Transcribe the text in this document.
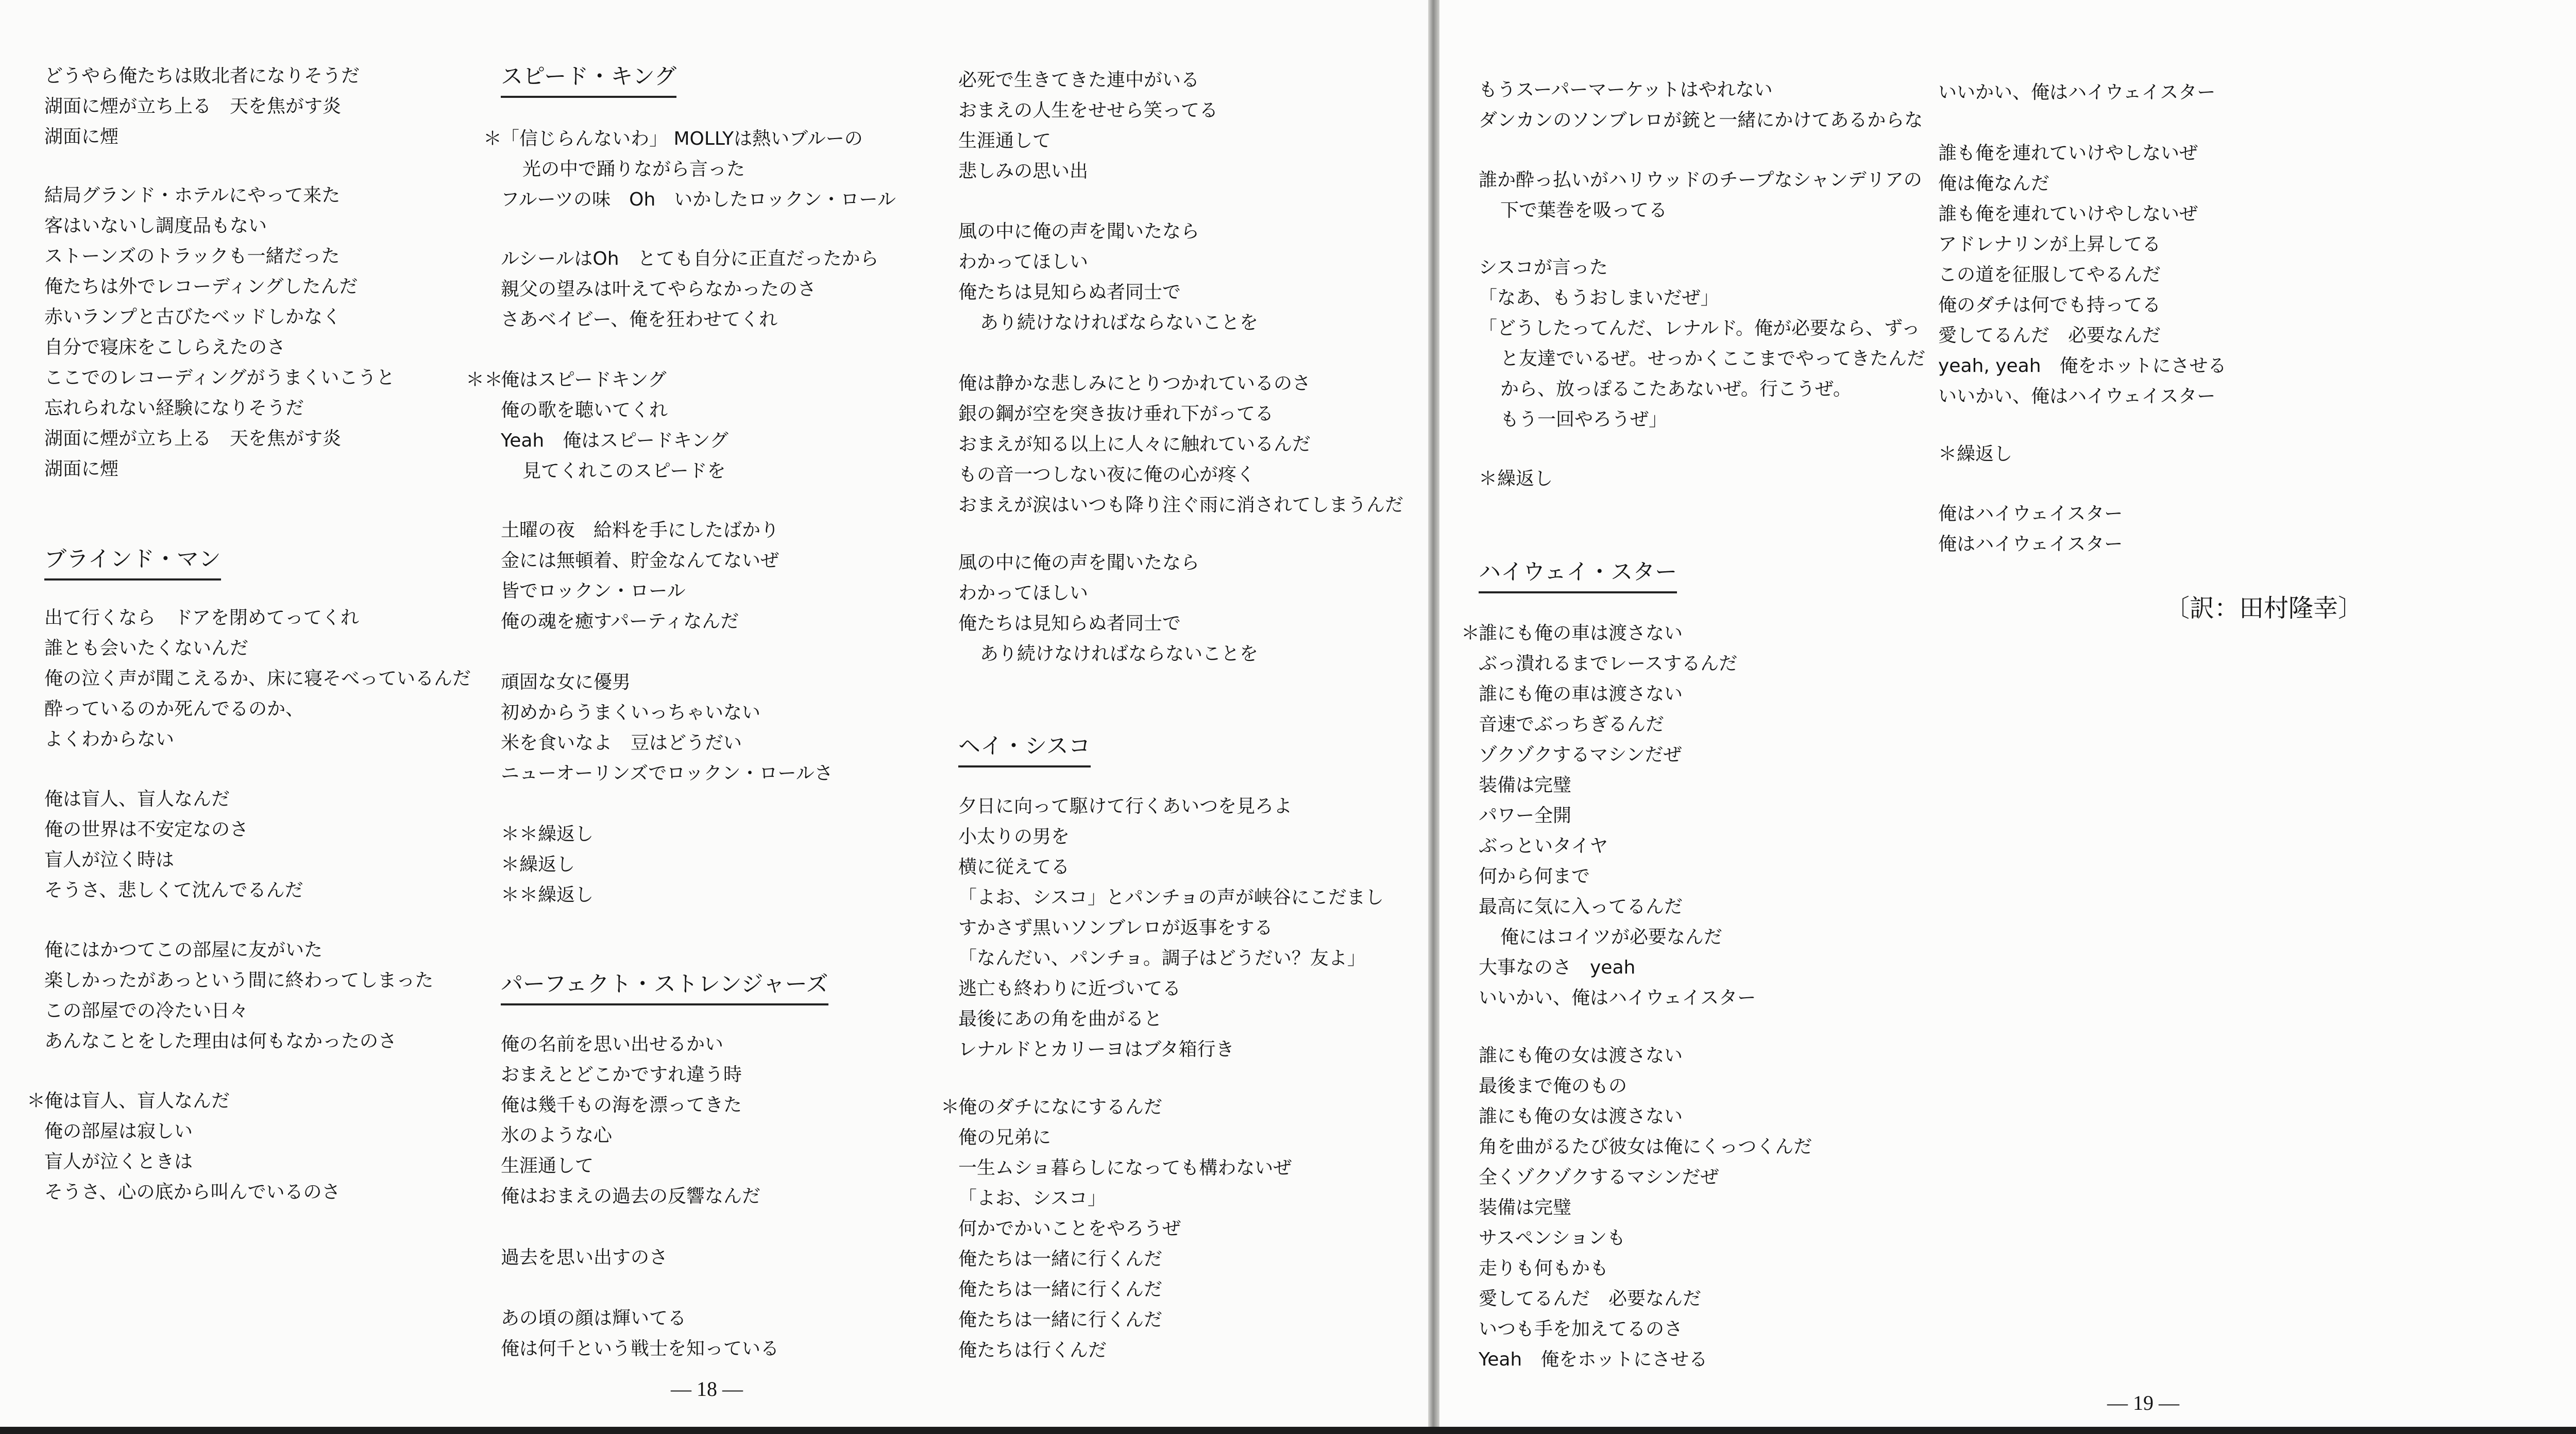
どうやら俺たちは敗北者になりそうだ
湖面に煙が立ち上る　天を焦がす炎
湖面に煙
結局グランド・ホテルにやって来た
客はいないし調度品もない
ストーンズのトラックも一緒だった
俺たちは外でレコーディングしたんだ
赤いランプと古びたベッドしかなく
自分で寝床をこしらえたのさ
ここでのレコーディングがうまくいこうと
忘れられない経験になりそうだ
湖面に煙が立ち上る　天を焦がす炎
湖面に煙
ブラインド・マン
出て行くなら　ドアを閉めてってくれ
誰とも会いたくないんだ
俺の泣く声が聞こえるか、床に寝そべっているんだ
酔っているのか死んでるのか、
よくわからない
俺は盲人、盲人なんだ
俺の世界は不安定なのさ
盲人が泣く時は
そうさ、悲しくて沈んでるんだ
俺にはかつてこの部屋に友がいた
楽しかったがあっという間に終わってしまった
この部屋での冷たい日々
あんなことをした理由は何もなかったのさ
＊俺は盲人、盲人なんだ
俺の部屋は寂しい
盲人が泣くときは
そうさ、心の底から叫んでいるのさ
スピード・キング
＊「信じらんないわ」 MOLLYは熱いブルーの
光の中で踊りながら言った
フルーツの味　Oh　いかしたロックン・ロール
ルシールはOh　とても自分に正直だったから
親父の望みは叶えてやらなかったのさ
さあベイビー、俺を狂わせてくれ
＊＊俺はスピードキング
俺の歌を聴いてくれ
Yeah　俺はスピードキング
見てくれこのスピードを
土曜の夜　給料を手にしたばかり
金には無頓着、貯金なんてないぜ
皆でロックン・ロール
俺の魂を癒すパーティなんだ
頑固な女に優男
初めからうまくいっちゃいない
米を食いなよ　豆はどうだい
ニューオーリンズでロックン・ロールさ
＊＊繰返し
＊繰返し
＊＊繰返し
パーフェクト・ストレンジャーズ
俺の名前を思い出せるかい
おまえとどこかですれ違う時
俺は幾千もの海を漂ってきた
氷のような心
生涯通して
俺はおまえの過去の反響なんだ
過去を思い出すのさ
あの頃の顔は輝いてる
俺は何千という戦士を知っている
— 18 —
必死で生きてきた連中がいる
おまえの人生をせせら笑ってる
生涯通して
悲しみの思い出
風の中に俺の声を聞いたなら
わかってほしい
俺たちは見知らぬ者同士で
あり続けなければならないことを
俺は静かな悲しみにとりつかれているのさ
銀の鋼が空を突き抜け垂れ下がってる
おまえが知る以上に人々に触れているんだ
もの音一つしない夜に俺の心が疼く
おまえが涙はいつも降り注ぐ雨に消されてしまうんだ
風の中に俺の声を聞いたなら
わかってほしい
俺たちは見知らぬ者同士で
あり続けなければならないことを
ヘイ・シスコ
夕日に向って駆けて行くあいつを見ろよ
小太りの男を
横に従えてる
「よお、シスコ」とパンチョの声が峡谷にこだまし
すかさず黒いソンブレロが返事をする
「なんだい、パンチョ。調子はどうだい？友よ」
逃亡も終わりに近づいてる
最後にあの角を曲がると
レナルドとカリーヨはブタ箱行き
＊俺のダチになにするんだ
俺の兄弟に
一生ムショ暮らしになっても構わないぜ
「よお、シスコ」
何かでかいことをやろうぜ
俺たちは一緒に行くんだ
俺たちは一緒に行くんだ
俺たちは一緒に行くんだ
俺たちは行くんだ
もうスーパーマーケットはやれない
ダンカンのソンブレロが銃と一緒にかけてあるからな
誰か酔っ払いがハリウッドのチープなシャンデリアの
下で葉巻を吸ってる
シスコが言った
「なあ、もうおしまいだぜ」
「どうしたってんだ、レナルド。俺が必要なら、ずっ
と友達でいるぜ。せっかくここまでやってきたんだ
から、放っぽるこたあないぜ。行こうぜ。
もう一回やろうぜ」
＊繰返し
ハイウェイ・スター
＊誰にも俺の車は渡さない
ぶっ潰れるまでレースするんだ
誰にも俺の車は渡さない
音速でぶっちぎるんだ
ゾクゾクするマシンだぜ
装備は完璧
パワー全開
ぶっといタイヤ
何から何まで
最高に気に入ってるんだ
俺にはコイツが必要なんだ
大事なのさ　yeah
いいかい、俺はハイウェイスター
誰にも俺の女は渡さない
最後まで俺のもの
誰にも俺の女は渡さない
角を曲がるたび彼女は俺にくっつくんだ
全くゾクゾクするマシンだぜ
装備は完璧
サスペンションも
走りも何もかも
愛してるんだ　必要なんだ
いつも手を加えてるのさ
Yeah　俺をホットにさせる
いいかい、俺はハイウェイスター
誰も俺を連れていけやしないぜ
俺は俺なんだ
誰も俺を連れていけやしないぜ
アドレナリンが上昇してる
この道を征服してやるんだ
俺のダチは何でも持ってる
愛してるんだ　必要なんだ
yeah, yeah　俺をホットにさせる
いいかい、俺はハイウェイスター
＊繰返し
俺はハイウェイスター
俺はハイウェイスター
〔訳：田村隆幸〕
— 19 —
